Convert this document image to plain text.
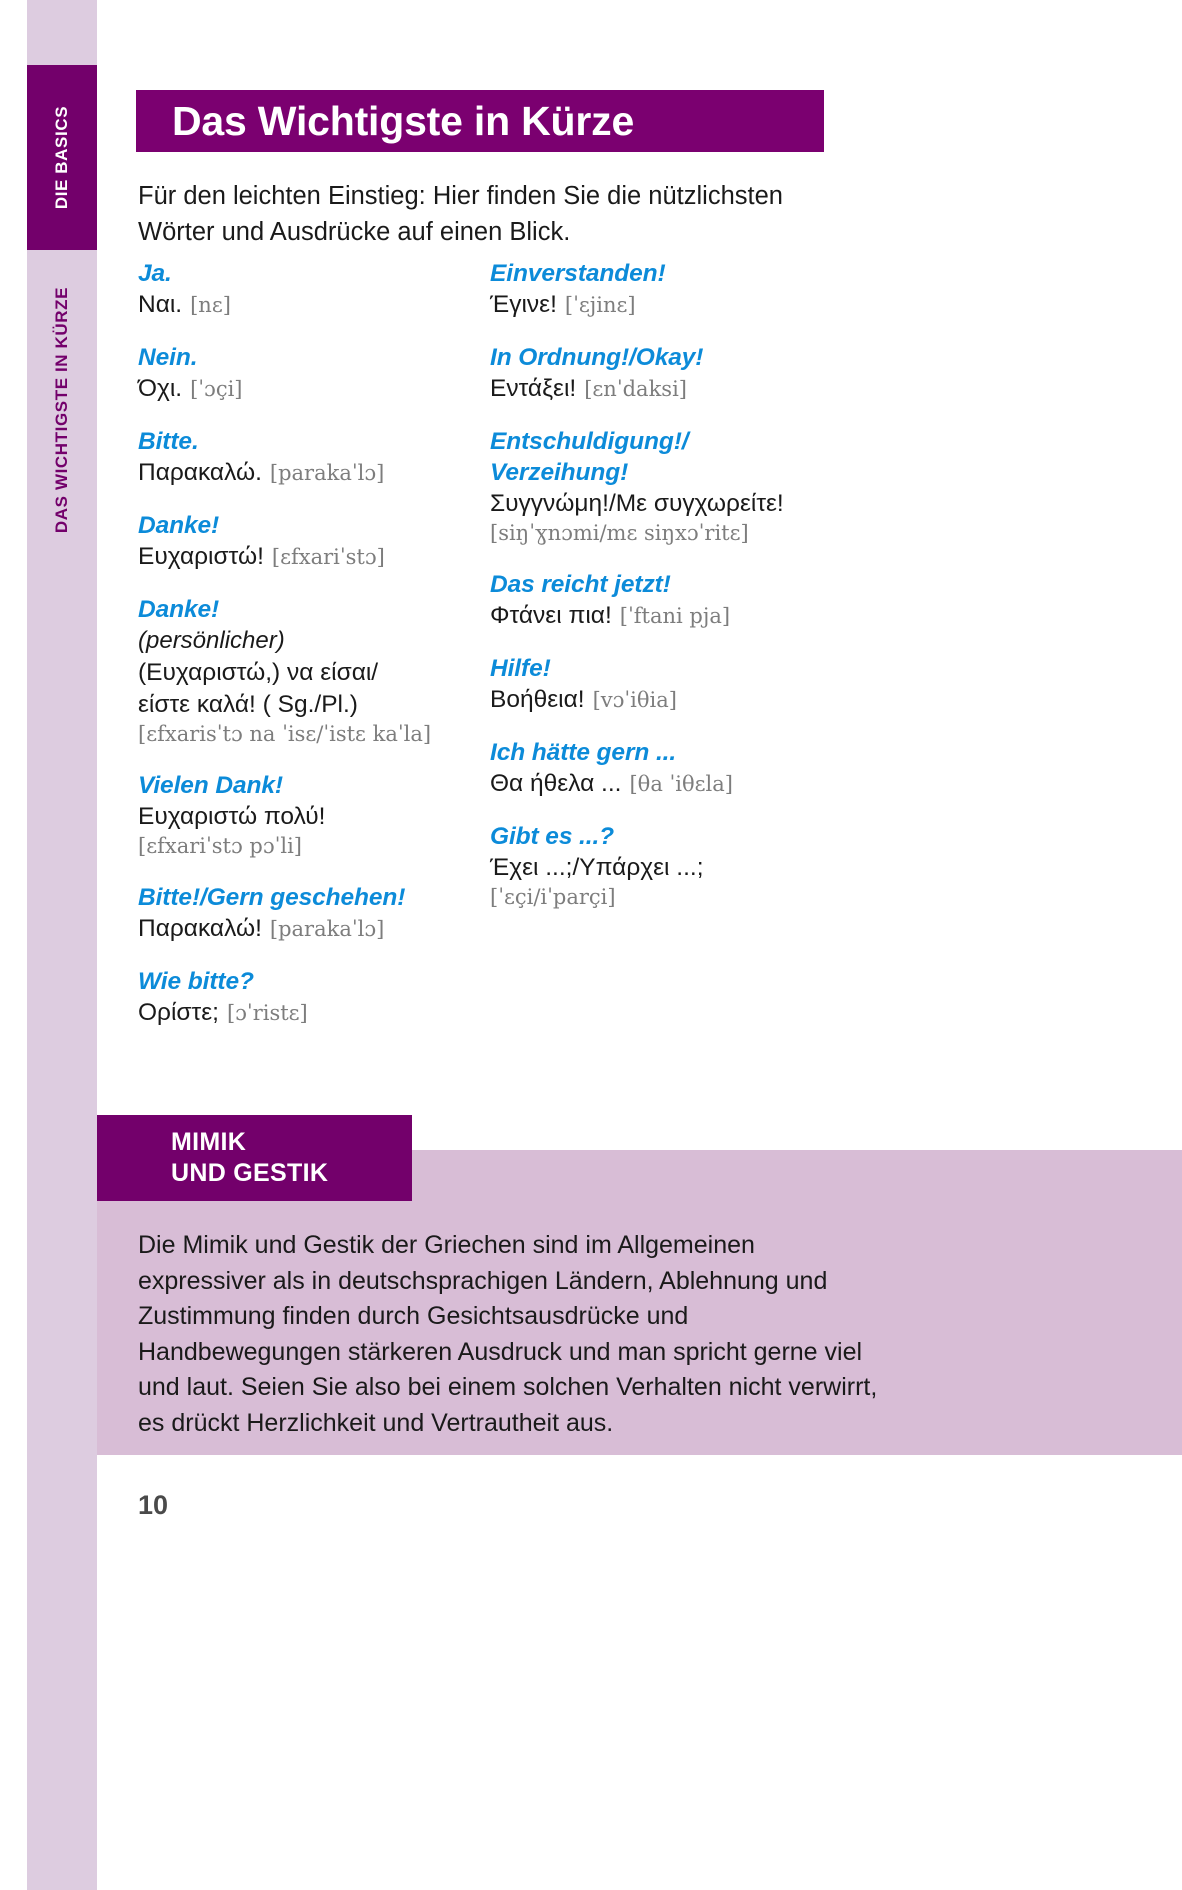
DIE BASICS
DAS WICHTIGSTE IN KÜRZE
Das Wichtigste in Kürze
Für den leichten Einstieg: Hier finden Sie die nützlichsten Wörter und Ausdrücke auf einen Blick.
Ja.
Ναι. [nɛ]
Nein.
Όχι. [ˈɔçi]
Bitte.
Παρακαλώ. [parakaˈlɔ]
Danke!
Ευχαριστώ! [ɛfxariˈstɔ]
Danke!
(persönlicher)
(Ευχαριστώ,) να είσαι/
είστε καλά! ( Sg./Pl.)
[ɛfxarisˈtɔ na ˈisɛ/ˈistɛ kaˈla]
Vielen Dank!
Ευχαριστώ πολύ!
[ɛfxariˈstɔ pɔˈli]
Bitte!/Gern geschehen!
Παρακαλώ! [parakaˈlɔ]
Wie bitte?
Ορίστε; [ɔˈristɛ]
Einverstanden!
Έγινε! [ˈɛjinɛ]
In Ordnung!/Okay!
Εντάξει! [ɛnˈdaksi]
Entschuldigung!/
Verzeihung!
Συγγνώμη!/Με συγχωρείτε!
[siŋˈɣnɔmi/mɛ siŋxɔˈritɛ]
Das reicht jetzt!
Φτάνει πια! [ˈftani pja]
Hilfe!
Βοήθεια! [vɔˈiθia]
Ich hätte gern ...
Θα ήθελα ... [θa ˈiθɛla]
Gibt es ...?
Έχει ...;/Υπάρχει ...;
[ˈɛçi/iˈparçi]
MIMIK
UND GESTIK
Die Mimik und Gestik der Griechen sind im Allgemeinen expressiver als in deutschsprachigen Ländern, Ablehnung und Zustimmung finden durch Gesichtsausdrücke und Handbewegungen stärkeren Ausdruck und man spricht gerne viel und laut. Seien Sie also bei einem solchen Verhalten nicht verwirrt, es drückt Herzlichkeit und Vertrautheit aus.
10
